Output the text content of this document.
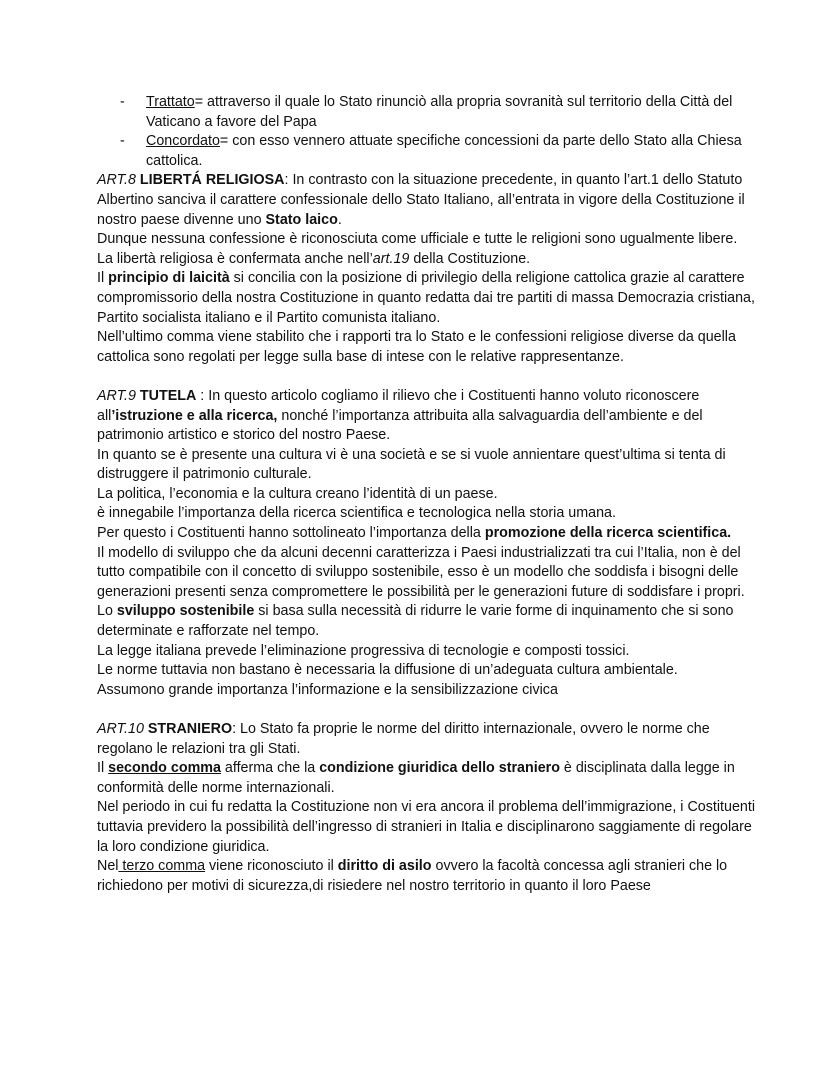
- Trattato= attraverso il quale lo Stato rinunciò alla propria sovranità sul territorio della Città del Vaticano a favore del Papa
- Concordato= con esso vennero attuate specifiche concessioni da parte dello Stato alla Chiesa cattolica.

ART.8 LIBERTÁ RELIGIOSA: In contrasto con la situazione precedente, in quanto l’art.1 dello Statuto Albertino sanciva il carattere confessionale dello Stato Italiano, all’entrata in vigore della Costituzione il nostro paese divenne uno Stato laico.

Dunque nessuna confessione è riconosciuta come ufficiale e tutte le religioni sono ugualmente libere.

La libertà religiosa è confermata anche nell’art.19 della Costituzione.

Il principio di laicità si concilia con la posizione di privilegio della religione cattolica grazie al carattere compromissorio della nostra Costituzione in quanto redatta dai tre partiti di massa Democrazia cristiana, Partito socialista italiano e il Partito comunista italiano.

Nell’ultimo comma viene stabilito che i rapporti tra lo Stato e le confessioni religiose diverse da quella cattolica sono regolati per legge sulla base di intese con le relative rappresentanze.

ART.9 TUTELA : In questo articolo cogliamo il rilievo che i Costituenti hanno voluto riconoscere all’istruzione e alla ricerca, nonché l’importanza attribuita alla salvaguardia dell’ambiente e del patrimonio artistico e storico del nostro Paese.

In quanto se è presente una cultura vi è una società e se si vuole annientare quest’ultima si tenta di distruggere il patrimonio culturale.

La politica, l’economia e la cultura creano l’identità di un paese.

è innegabile l’importanza della ricerca scientifica e tecnologica nella storia umana.

Per questo i Costituenti hanno sottolineato l’importanza della promozione della ricerca scientifica.

Il modello di sviluppo che da alcuni decenni caratterizza i Paesi industrializzati tra cui l’Italia, non è del tutto compatibile con il concetto di sviluppo sostenibile, esso è un modello che soddisfa i bisogni delle generazioni presenti senza compromettere le possibilità per le generazioni future di soddisfare i propri.

Lo sviluppo sostenibile si basa sulla necessità di ridurre le varie forme di inquinamento che si sono determinate e rafforzate nel tempo.

La legge italiana prevede l’eliminazione progressiva di tecnologie e composti tossici.

Le norme tuttavia non bastano è necessaria la diffusione di un’adeguata cultura ambientale.

Assumono grande importanza l’informazione e la sensibilizzazione civica

ART.10 STRANIERO: Lo Stato fa proprie le norme del diritto internazionale, ovvero le norme che regolano le relazioni tra gli Stati.

Il secondo comma afferma che la condizione giuridica dello straniero è disciplinata dalla legge in conformità delle norme internazionali.

Nel periodo in cui fu redatta la Costituzione non vi era ancora il problema dell’immigrazione, i Costituenti tuttavia previdero la possibilità dell’ingresso di stranieri in Italia e disciplinarono saggiamente di regolare la loro condizione giuridica.

Nel terzo comma viene riconosciuto il diritto di asilo ovvero la facoltà concessa agli stranieri che lo richiedono per motivi di sicurezza,di risiedere nel nostro territorio in quanto il loro Paese
